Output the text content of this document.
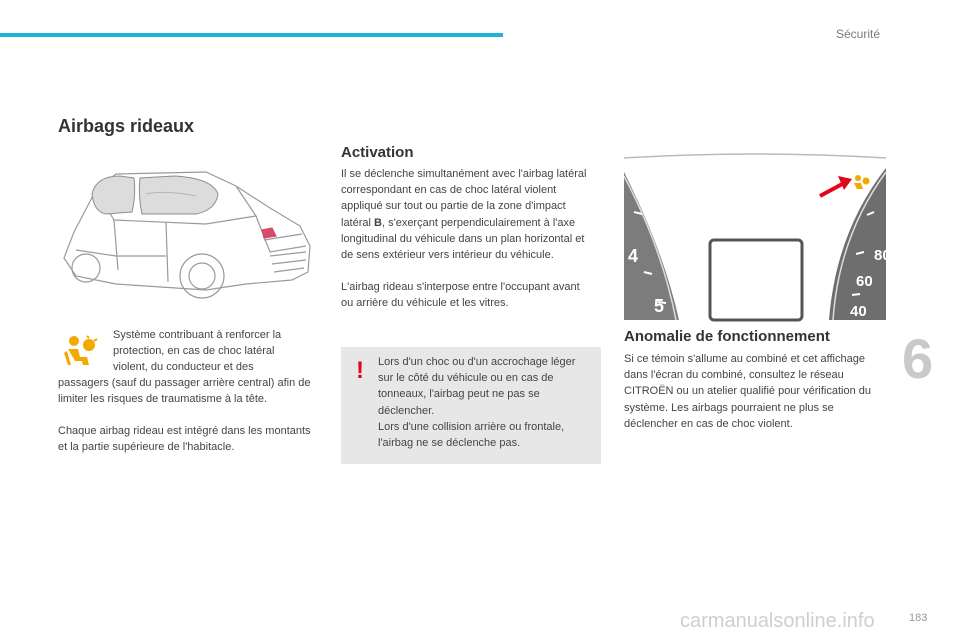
Sécurité
Airbags rideaux

Système contribuant à renforcer la

protection, en cas de choc latéral

violent, du conducteur et des

passagers (sauf du passager arrière central) afin de limiter les risques de traumatisme à la tête.

Chaque airbag rideau est intégré dans les montants et la partie supérieure de l'habitacle.

Activation

Il se déclenche simultanément avec l'airbag latéral correspondant en cas de choc latéral violent appliqué sur tout ou partie de la zone d'impact latéral B, s'exerçant perpendiculairement à l'axe longitudinal du véhicule dans un plan horizontal et de sens extérieur vers intérieur du véhicule.

L'airbag rideau s'interpose entre l'occupant avant ou arrière du véhicule et les vitres.

! Lors d'un choc ou d'un accrochage léger sur le côté du véhicule ou en cas de tonneaux, l'airbag peut ne pas se déclencher.
Lors d'une collision arrière ou frontale, l'airbag ne se déclenche pas.

4
5
80
60
40
Anomalie de fonctionnement

Si ce témoin s'allume au combiné et cet affichage dans l'écran du combiné, consultez le réseau CITROËN ou un atelier qualifié pour vérification du système. Les airbags pourraient ne plus se déclencher en cas de choc violent.

6
carmanualsonline.info	183
